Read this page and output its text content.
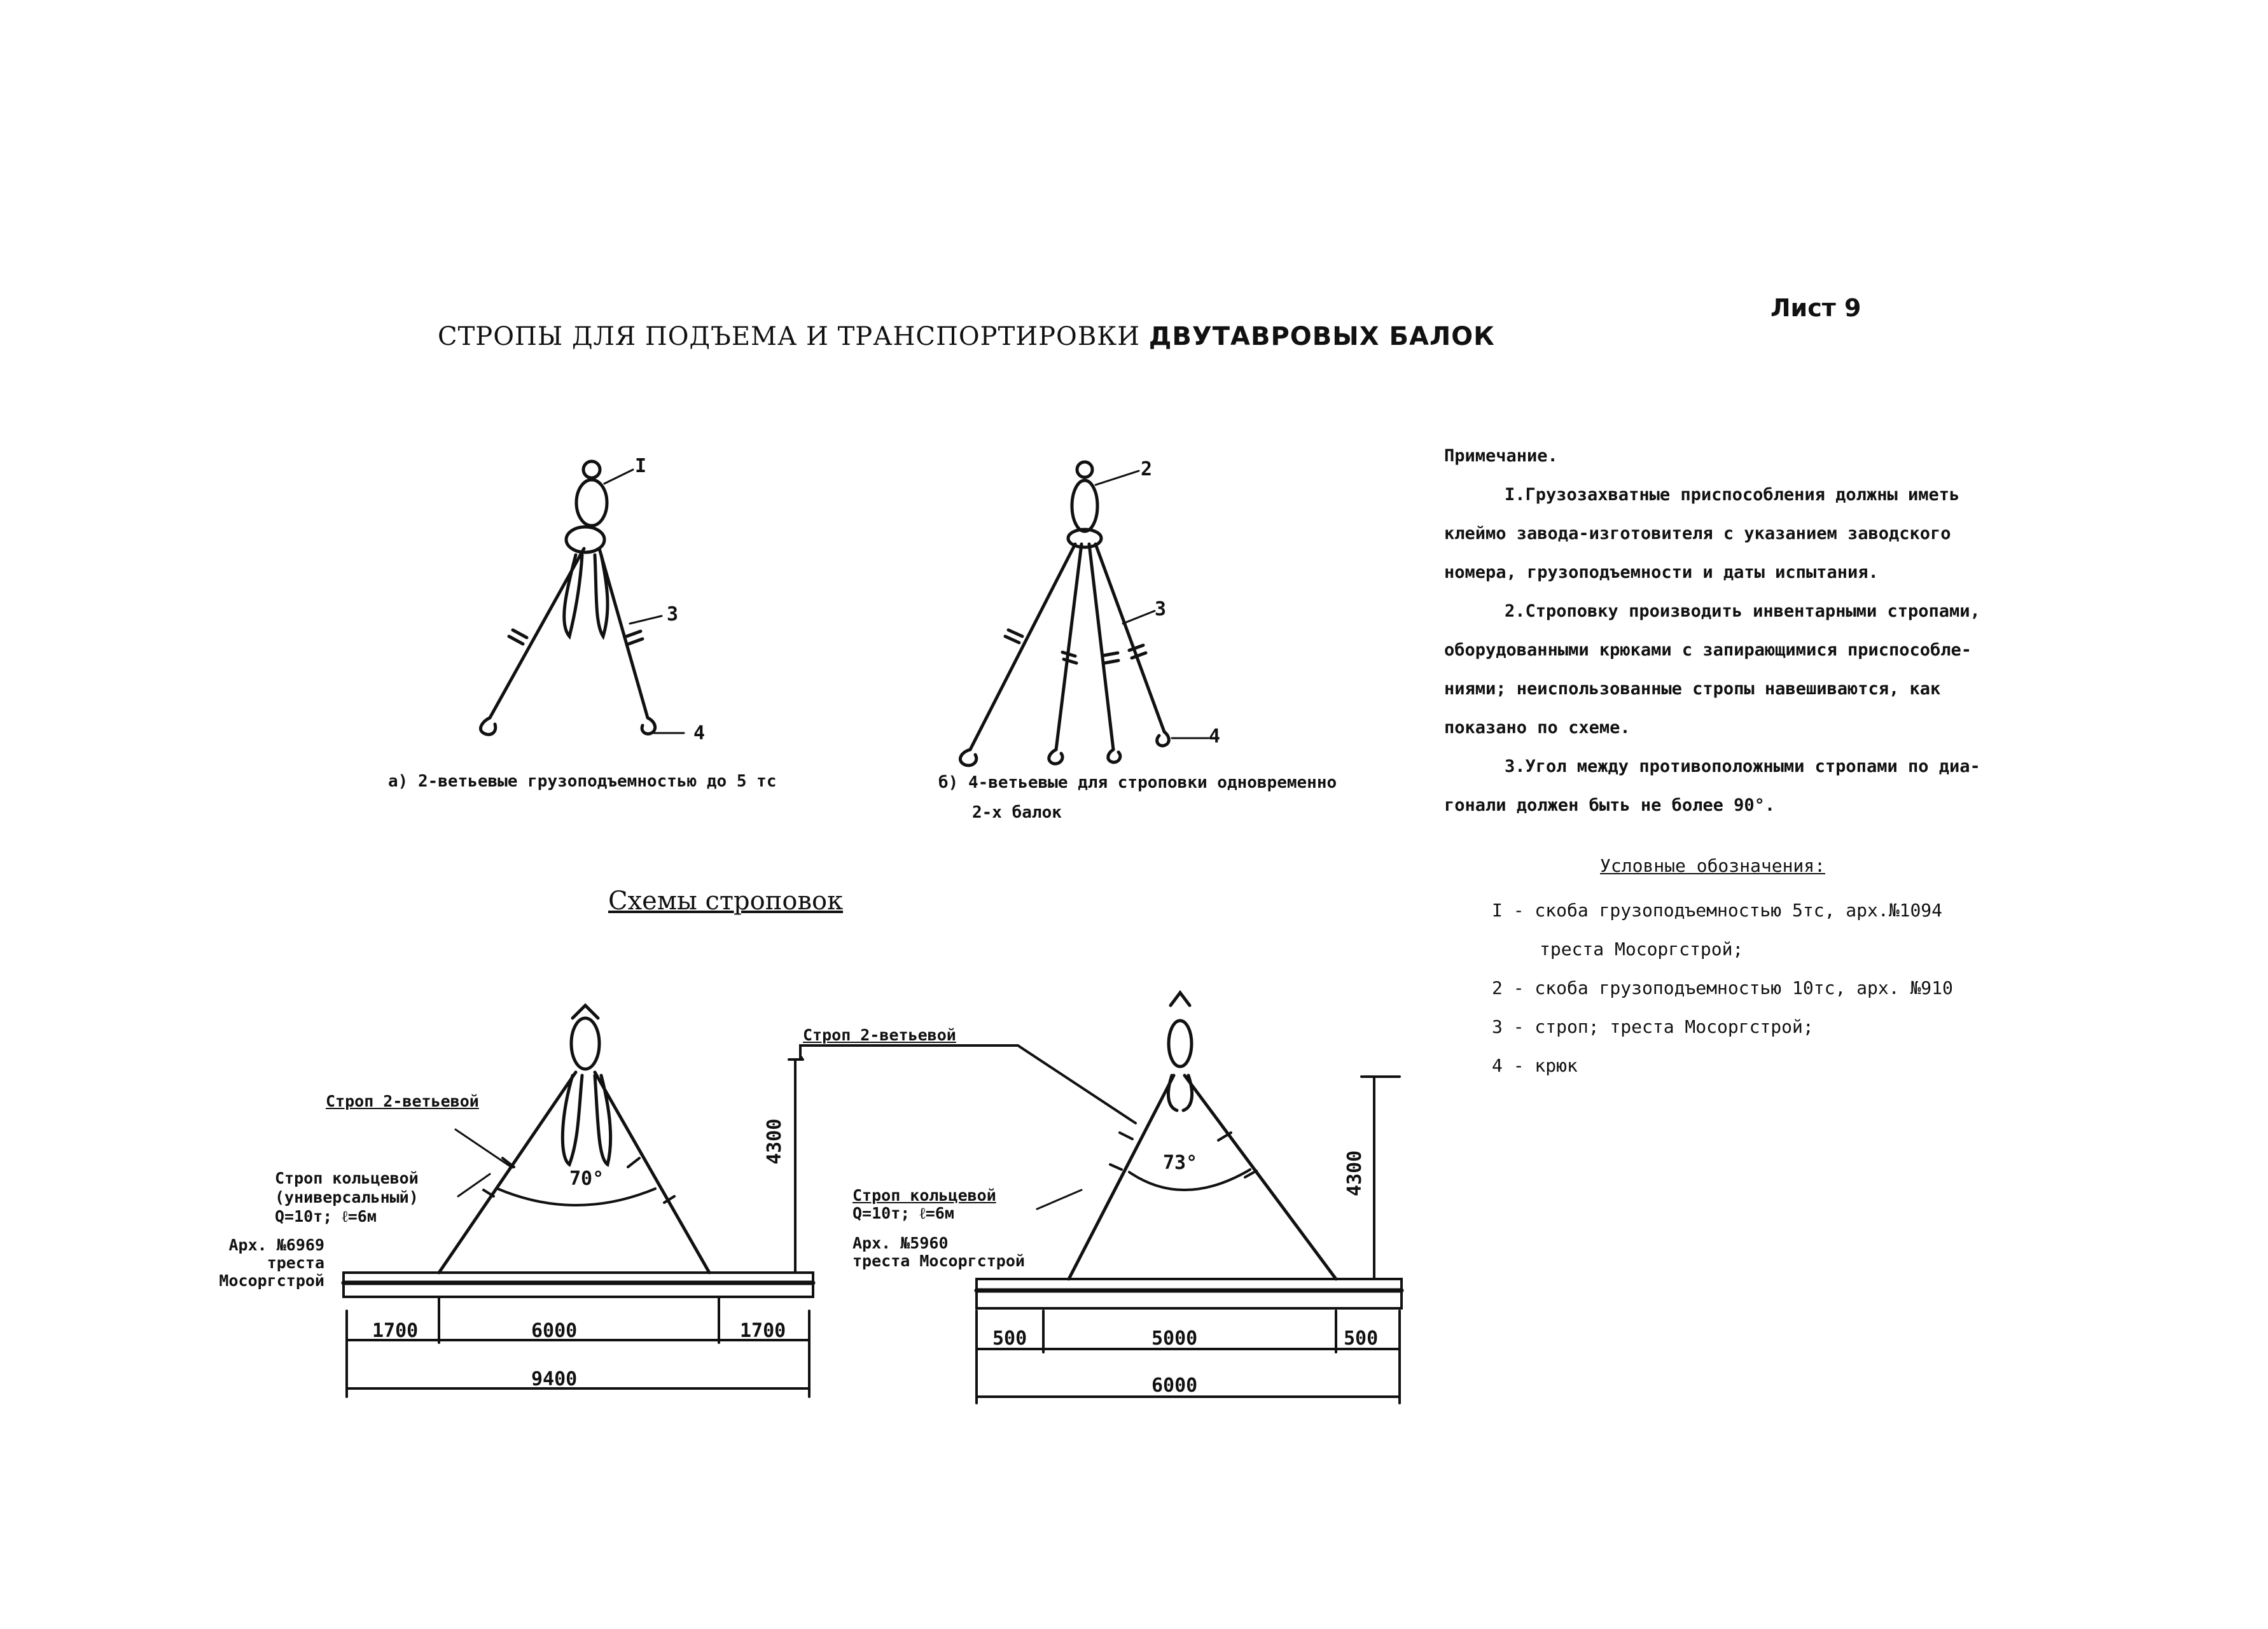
СТРОПЫ ДЛЯ ПОДЪЕМА И ТРАНСПОРТИРОВКИ ДВУТАВРОВЫХ БАЛОК
Лист 9
I
3
4
а) 2-ветьевые грузоподъемностью до 5 тс
2
3
4
б) 4-ветьевые для строповки одновременно
2-х балок

Примечание.

I.Грузозахватные приспособления должны иметь

клеймо завода-изготовителя с указанием заводского

номера, грузоподъемности и даты испытания.

2.Строповку производить инвентарными стропами,

оборудованными крюками с запирающимися приспособле-

ниями; неиспользованные стропы навешиваются, как

показано по схеме.

3.Угол между противоположными стропами по диа-

гонали должен быть не более 90°.

Условные обозначения:

I - скоба грузоподъемностью 5тс, арх.№1094

треста Мосоргстрой;

2 - скоба грузоподъемностью 10тс, арх. №910

3 - строп; треста Мосоргстрой;

4 - крюк

Схемы строповок
Строп 2-ветьевой
Строп кольцевой
(универсальный)
Q=10т; ℓ=6м
Арх. №6969
треста
Мосоргстрой
70°
4300
1700	6000	1700
9400
Строп 2-ветьевой
Строп кольцевой
Q=10т; ℓ=6м
Арх. №5960
треста Мосоргстрой
73°	4300
500	5000	500
6000
